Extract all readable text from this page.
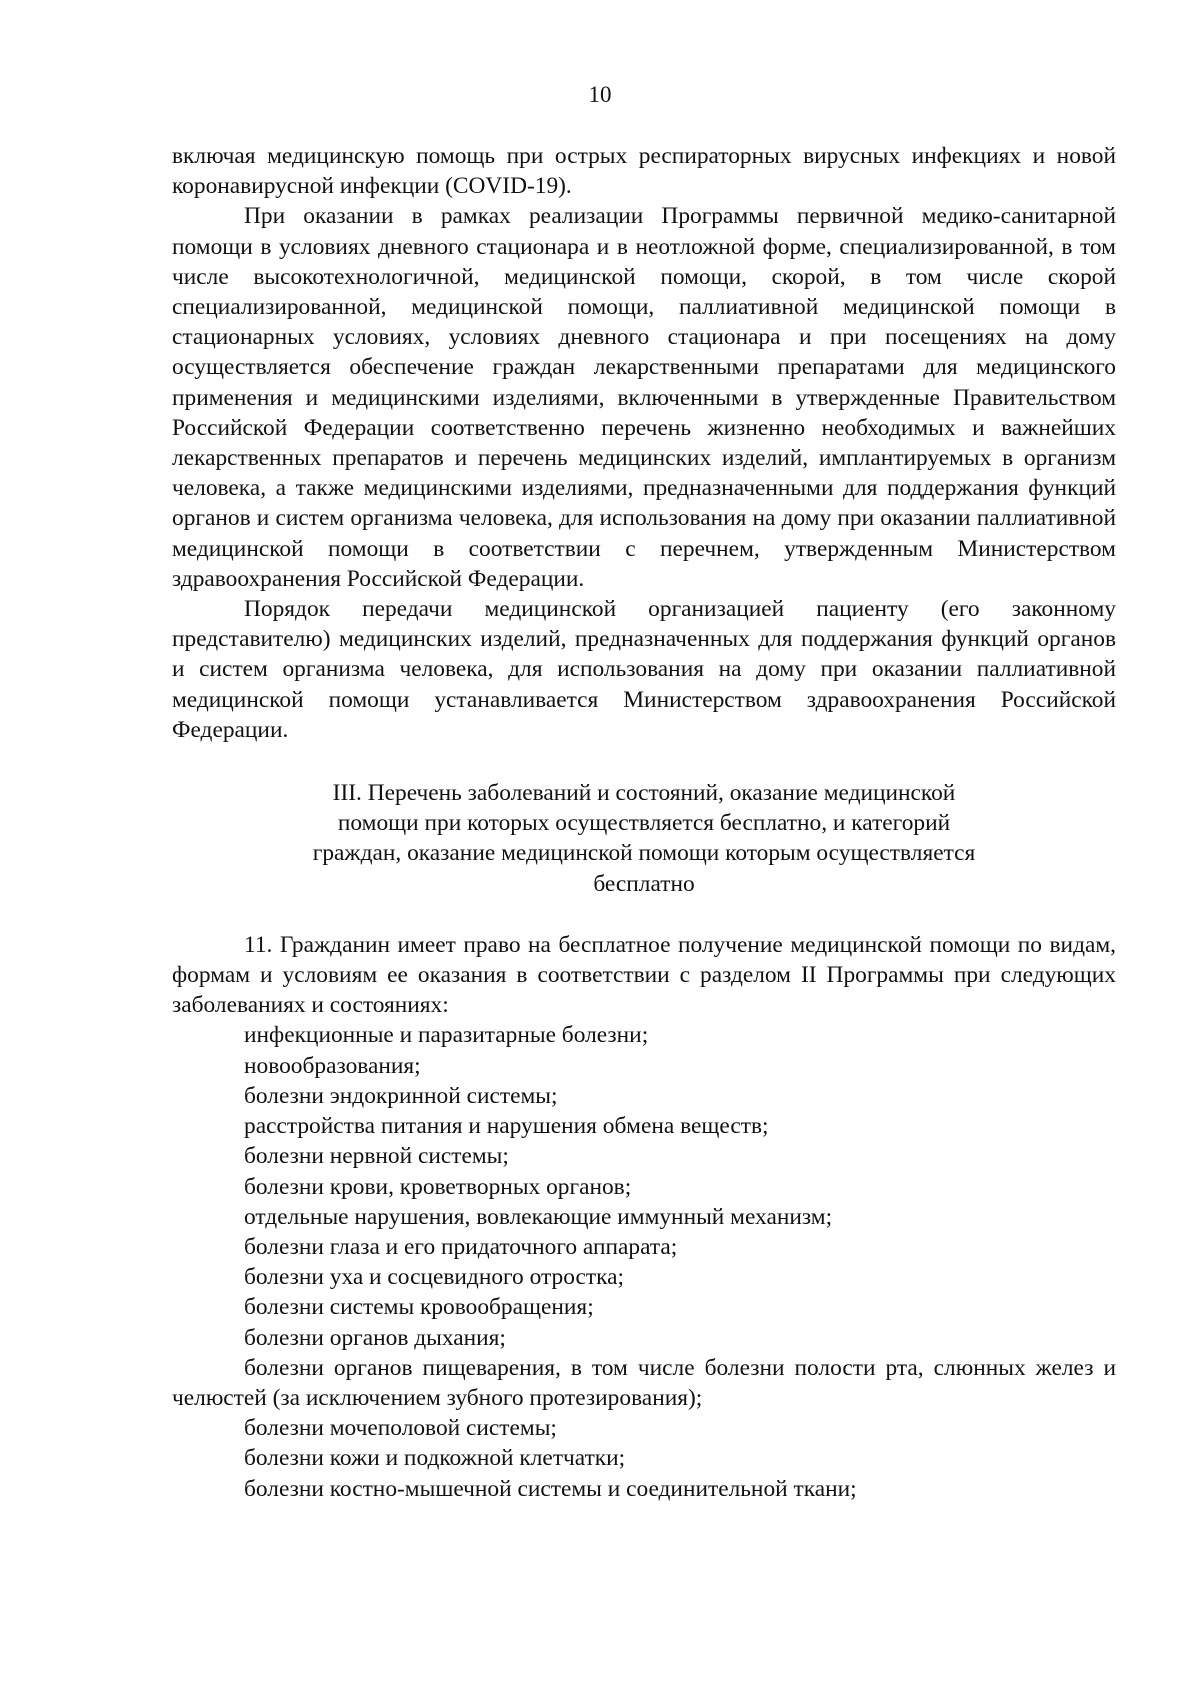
10

включая медицинскую помощь при острых респираторных вирусных инфекциях и новой коронавирусной инфекции (COVID-19).

При оказании в рамках реализации Программы первичной медико-санитарной помощи в условиях дневного стационара и в неотложной форме, специализированной, в том числе высокотехнологичной, медицинской помощи, скорой, в том числе скорой специализированной, медицинской помощи, паллиативной медицинской помощи в стационарных условиях, условиях дневного стационара и при посещениях на дому осуществляется обеспечение граждан лекарственными препаратами для медицинского применения и медицинскими изделиями, включенными в утвержденные Правительством Российской Федерации соответственно перечень жизненно необходимых и важнейших лекарственных препаратов и перечень медицинских изделий, имплантируемых в организм человека, а также медицинскими изделиями, предназначенными для поддержания функций органов и систем организма человека, для использования на дому при оказании паллиативной медицинской помощи в соответствии с перечнем, утвержденным Министерством здравоохранения Российской Федерации.

Порядок передачи медицинской организацией пациенту (его законному представителю) медицинских изделий, предназначенных для поддержания функций органов и систем организма человека, для использования на дому при оказании паллиативной медицинской помощи устанавливается Министерством здравоохранения Российской Федерации.

III. Перечень заболеваний и состояний, оказание медицинской
помощи при которых осуществляется бесплатно, и категорий
граждан, оказание медицинской помощи которым осуществляется
бесплатно

11. Гражданин имеет право на бесплатное получение медицинской помощи по видам, формам и условиям ее оказания в соответствии с разделом II Программы при следующих заболеваниях и состояниях:

инфекционные и паразитарные болезни;

новообразования;

болезни эндокринной системы;

расстройства питания и нарушения обмена веществ;

болезни нервной системы;

болезни крови, кроветворных органов;

отдельные нарушения, вовлекающие иммунный механизм;

болезни глаза и его придаточного аппарата;

болезни уха и сосцевидного отростка;

болезни системы кровообращения;

болезни органов дыхания;

болезни органов пищеварения, в том числе болезни полости рта, слюнных желез и челюстей (за исключением зубного протезирования);

болезни мочеполовой системы;

болезни кожи и подкожной клетчатки;

болезни костно-мышечной системы и соединительной ткани;
